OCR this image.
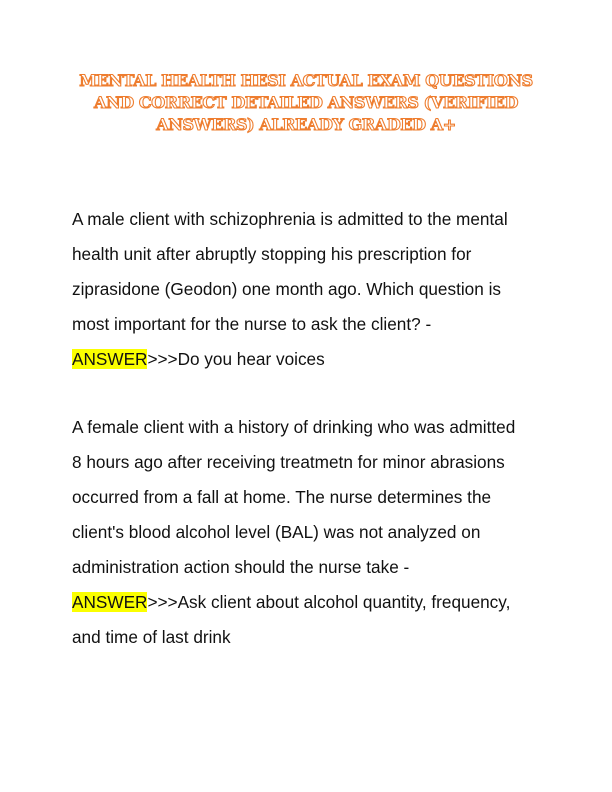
MENTAL HEALTH HESI ACTUAL EXAM QUESTIONS
AND CORRECT DETAILED ANSWERS (VERIFIED
ANSWERS) ALREADY GRADED A+
A male client with schizophrenia is admitted to the mental
health unit after abruptly stopping his prescription for
ziprasidone (Geodon) one month ago. Which question is
most important for the nurse to ask the client? -
ANSWER>>>Do you hear voices
A female client with a history of drinking who was admitted
8 hours ago after receiving treatmetn for minor abrasions
occurred from a fall at home. The nurse determines the
client's blood alcohol level (BAL) was not analyzed on
administration action should the nurse take -
ANSWER>>>Ask client about alcohol quantity, frequency,
and time of last drink
